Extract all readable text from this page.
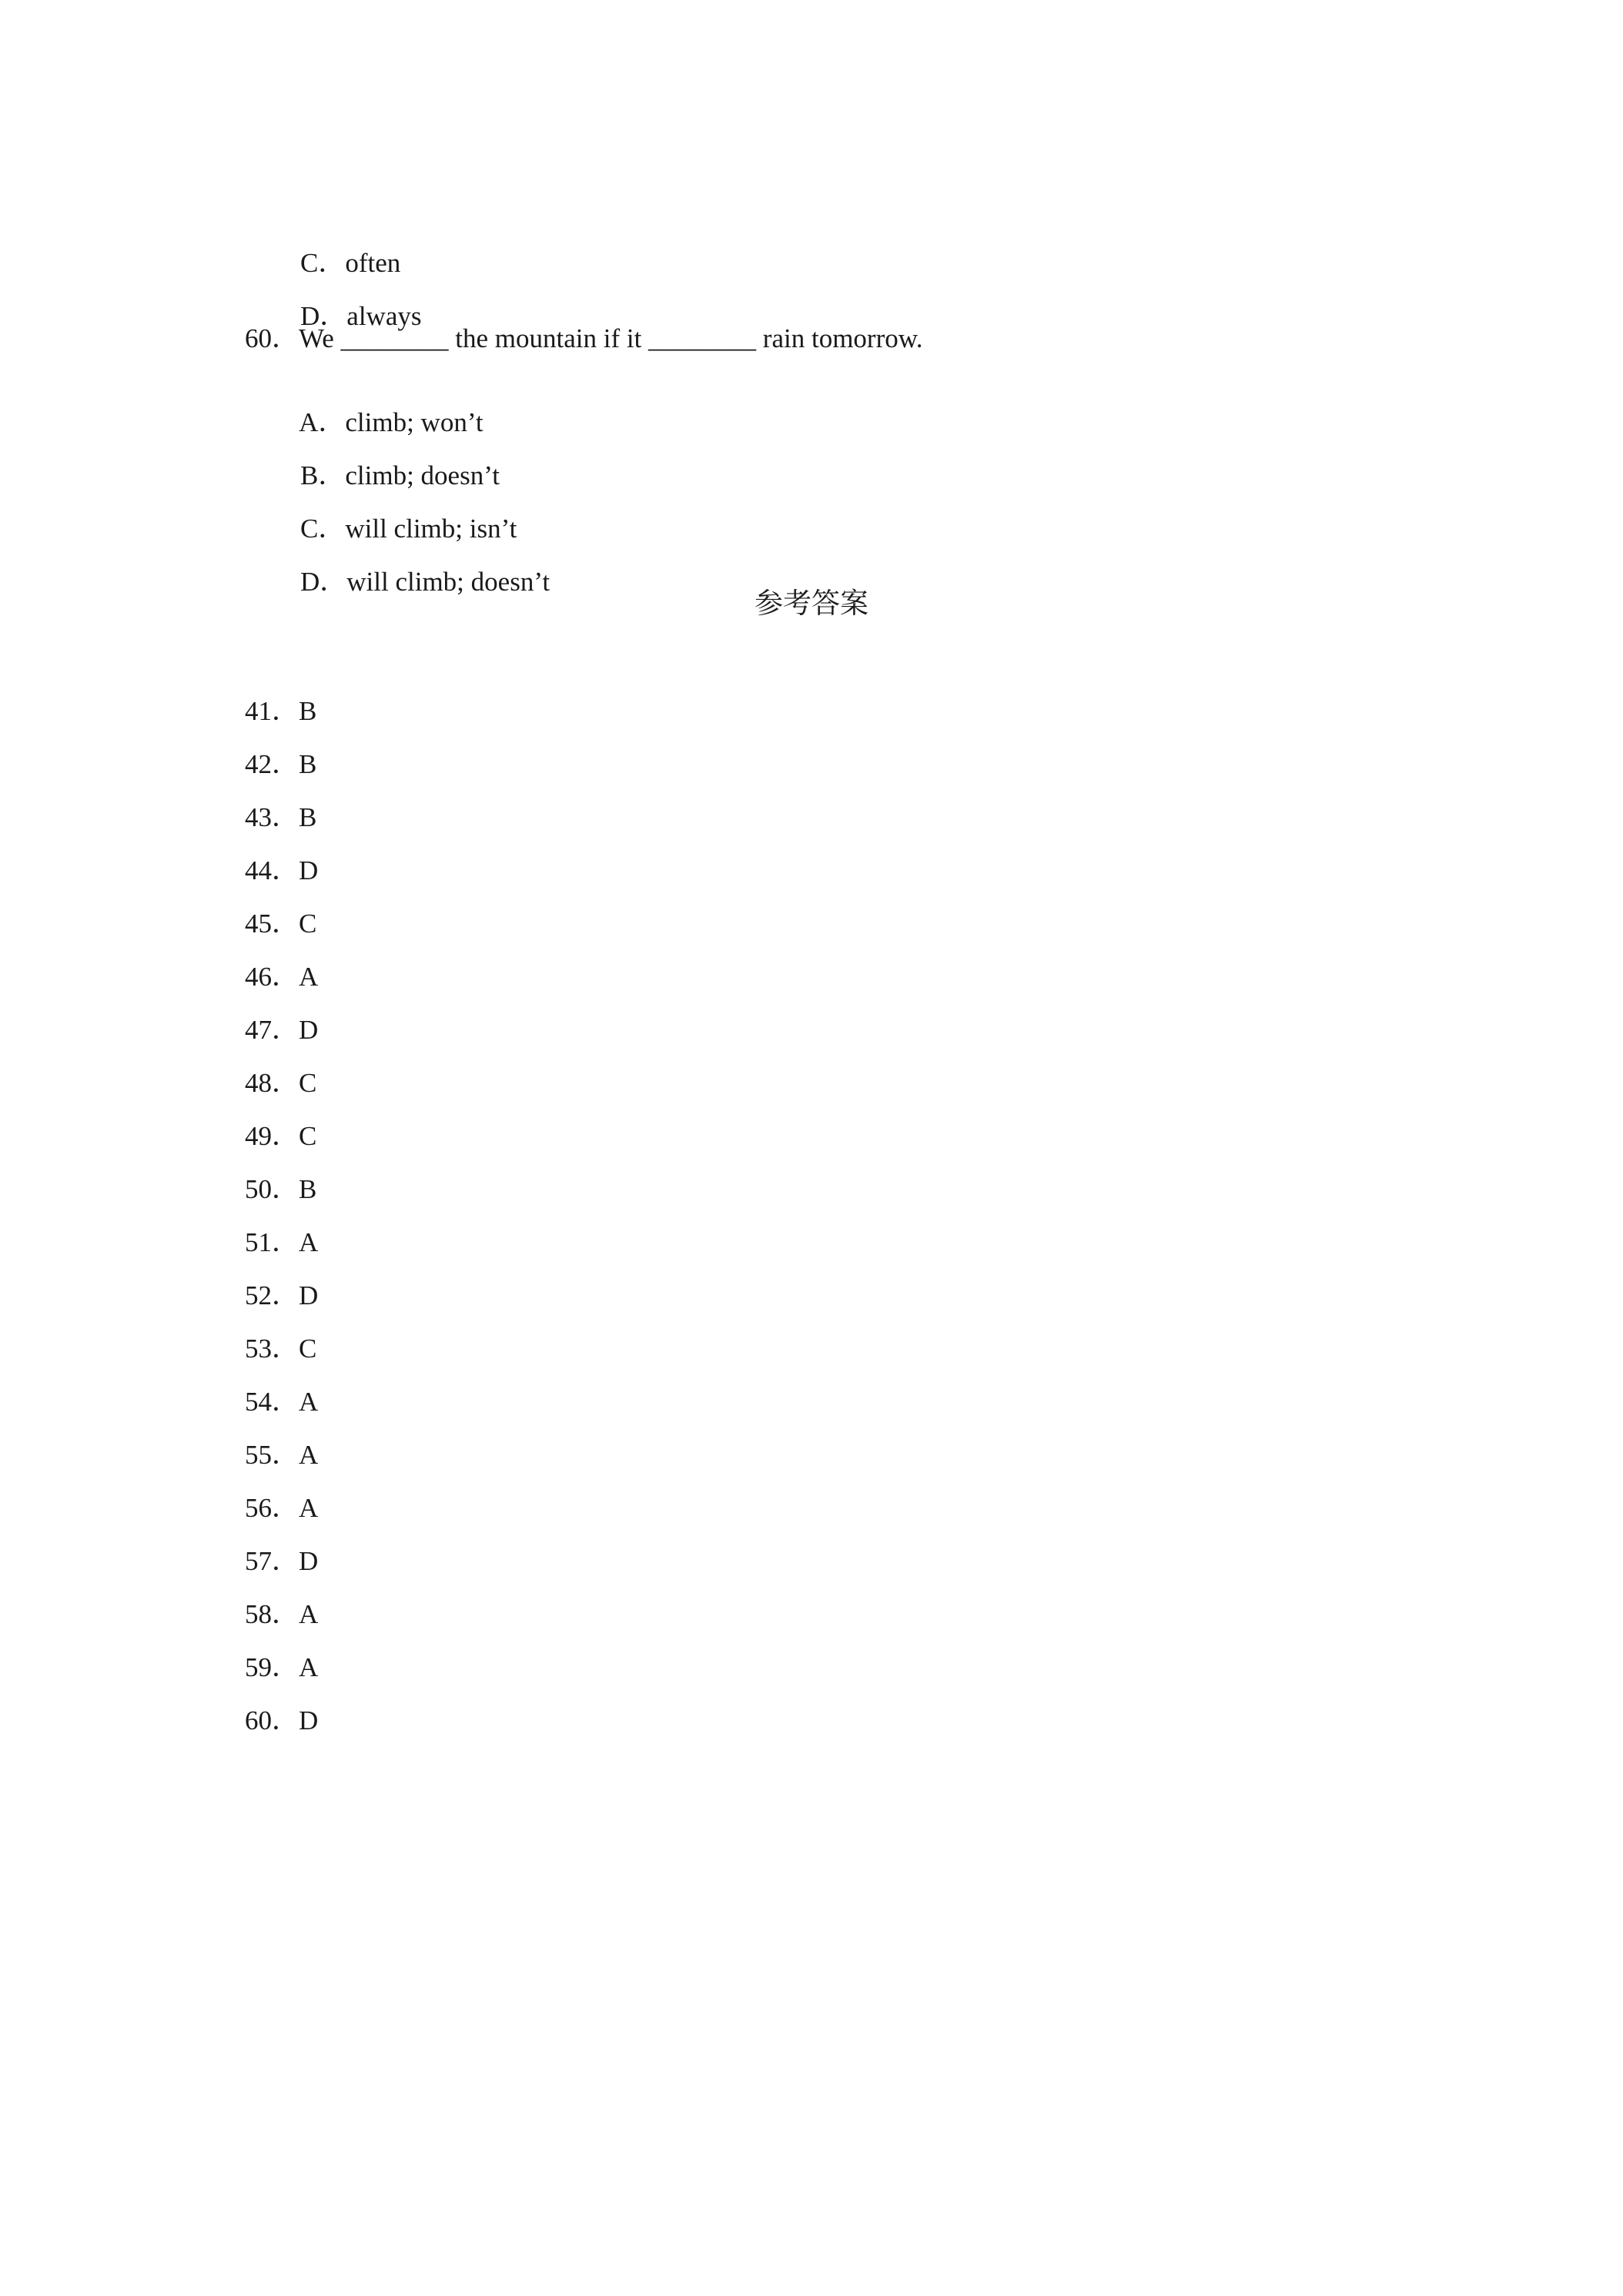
C．often

D．always

60．We ________ the mountain if it ________ rain tomorrow.

A．climb; won’t

B．climb; doesn’t

C．will climb; isn’t

D．will climb; doesn’t

参考答案
41．B
42．B
43．B
44．D
45．C
46．A
47．D
48．C
49．C
50．B
51．A
52．D
53．C
54．A
55．A
56．A
57．D
58．A
59．A
60．D
